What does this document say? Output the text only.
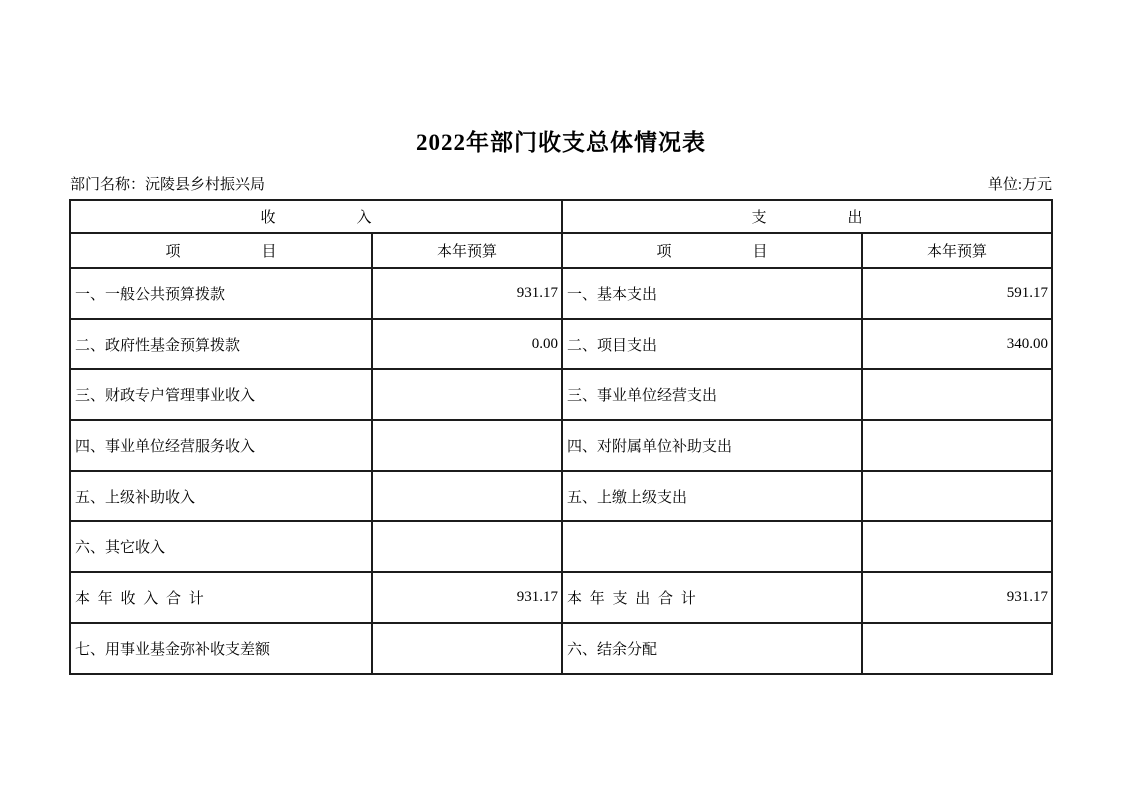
2022年部门收支总体情况表
部门名称：沅陵县乡村振兴局	单位:万元
收 入		支 出	

项 目	本年预算	项 目	本年预算
一、一般公共预算拨款	931.17	一、基本支出	591.17
二、政府性基金预算拨款	0.00	二、项目支出	340.00
三、财政专户管理事业收入		三、事业单位经营支出	
四、事业单位经营服务收入		四、对附属单位补助支出	
五、上级补助收入		五、上缴上级支出	
六、其它收入			
本 年 收 入 合 计	931.17	本 年 支 出 合 计	931.17
七、用事业基金弥补收支差额		六、结余分配	
